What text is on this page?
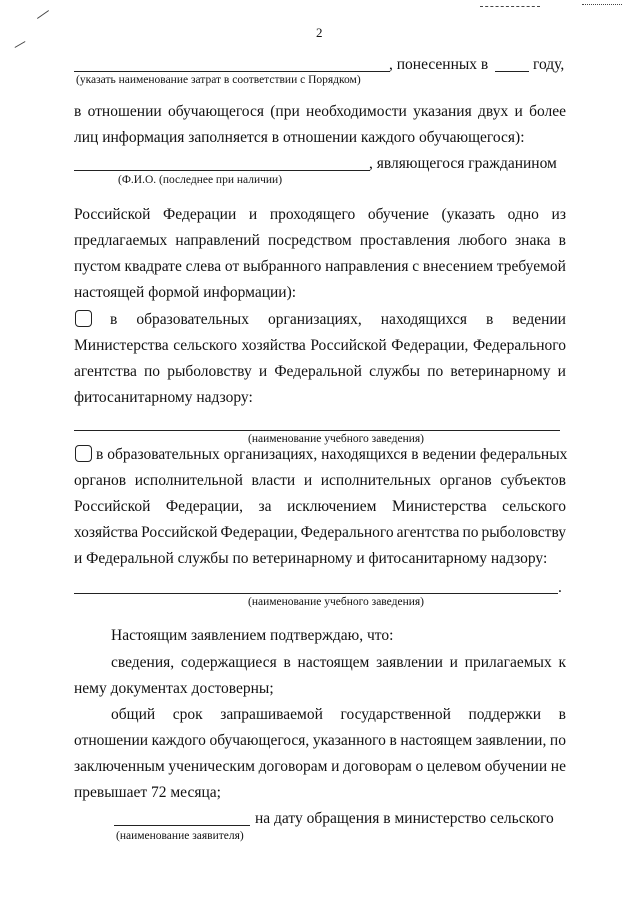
2
, понесенных в	году,
(указать наименование затрат в соответствии с Порядком)
в отношении обучающегося (при необходимости указания двух и более
лиц информация заполняется в отношении каждого обучающегося):
, являющегося гражданином
(Ф.И.О. (последнее при наличии)
Российской Федерации и проходящего обучение (указать одно из
предлагаемых направлений посредством проставления любого знака в
пустом квадрате слева от выбранного направления с внесением требуемой
настоящей формой информации):
в образовательных организациях, находящихся в ведении
Министерства сельского хозяйства Российской Федерации, Федерального
агентства по рыболовству и Федеральной службы по ветеринарному и
фитосанитарному надзору:
(наименование учебного заведения)
в образовательных организациях, находящихся в ведении федеральных
органов исполнительной власти и исполнительных органов субъектов
Российской Федерации, за исключением Министерства сельского
хозяйства Российской Федерации, Федерального агентства по рыболовству
и Федеральной службы по ветеринарному и фитосанитарному надзору:
.
(наименование учебного заведения)
Настоящим заявлением подтверждаю, что:
сведения, содержащиеся в настоящем заявлении и прилагаемых к
нему документах достоверны;
общий срок запрашиваемой государственной поддержки в
отношении каждого обучающегося, указанного в настоящем заявлении, по
заключенным ученическим договорам и договорам о целевом обучении не
превышает 72 месяца;
на дату обращения в министерство сельского
(наименование заявителя)
